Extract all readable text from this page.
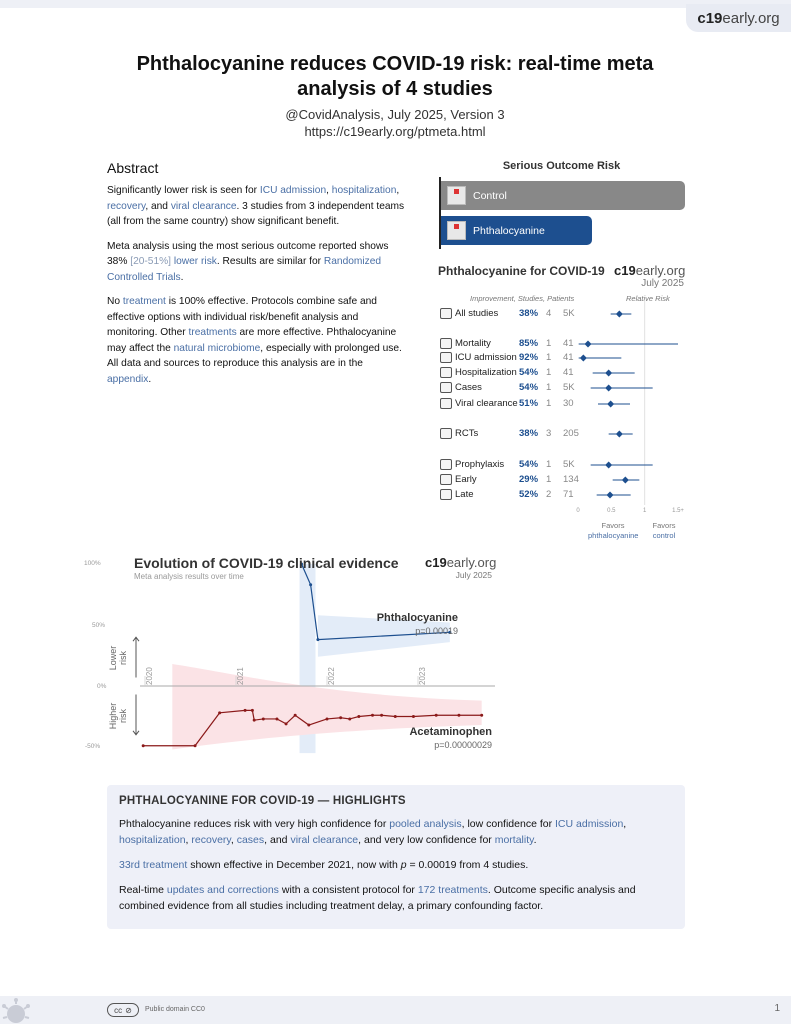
c19 early.org
Phthalocyanine reduces COVID-19 risk: real-time meta analysis of 4 studies
@CovidAnalysis, July 2025, Version 3
https://c19early.org/ptmeta.html
Abstract

Significantly lower risk is seen for ICU admission, hospitalization, recovery, and viral clearance. 3 studies from 3 independent teams (all from the same country) show significant benefit.

Meta analysis using the most serious outcome reported shows 38% [20‑51%] lower risk. Results are similar for Randomized Controlled Trials.

No treatment is 100% effective. Protocols combine safe and effective options with individual risk/benefit analysis and monitoring. Other treatments are more effective. Phthalocyanine may affect the natural microbiome, especially with prolonged use. All data and sources to reproduce this analysis are in the appendix.

Serious Outcome Risk
Control
Phthalocyanine
Phthalocyanine for COVID-19 c19early.org
July 2025
Improvement, Studies, Patients	Relative Risk
All studies 38% 4 5K
Mortality	85% 1 41
ICU admission 92% 1 41
Hospitalization 54% 1 41
Cases	54% 1 5K
Viral clearance 51% 1 30
RCTs	38% 3 205
Prophylaxis 54% 1 5K
Early	29% 1 134
Late	52% 2 71
0	0.5	1	1.5+
Favors
phthalocyanine
Favors
control
Evolution of COVID-19 clinical evidence
Meta analysis results over time
c19early.org
July 2025
100%
50%
0%
-50%
Lower risk
Higher risk
2020	2021	2022	2023
Phthalocyanine
p=0.00019
Acetaminophen
p=0.00000029
PHTHALOCYANINE FOR COVID-19 — HIGHLIGHTS

Phthalocyanine reduces risk with very high confidence for pooled analysis, low confidence for ICU admission, hospitalization, recovery, cases, and viral clearance, and very low confidence for mortality.

33rd treatment shown effective in December 2021, now with p = 0.00019 from 4 studies.

Real-time updates and corrections with a consistent protocol for 172 treatments. Outcome specific analysis and combined evidence from all studies including treatment delay, a primary confounding factor.

cc ⊘ Public domain CC0	1
